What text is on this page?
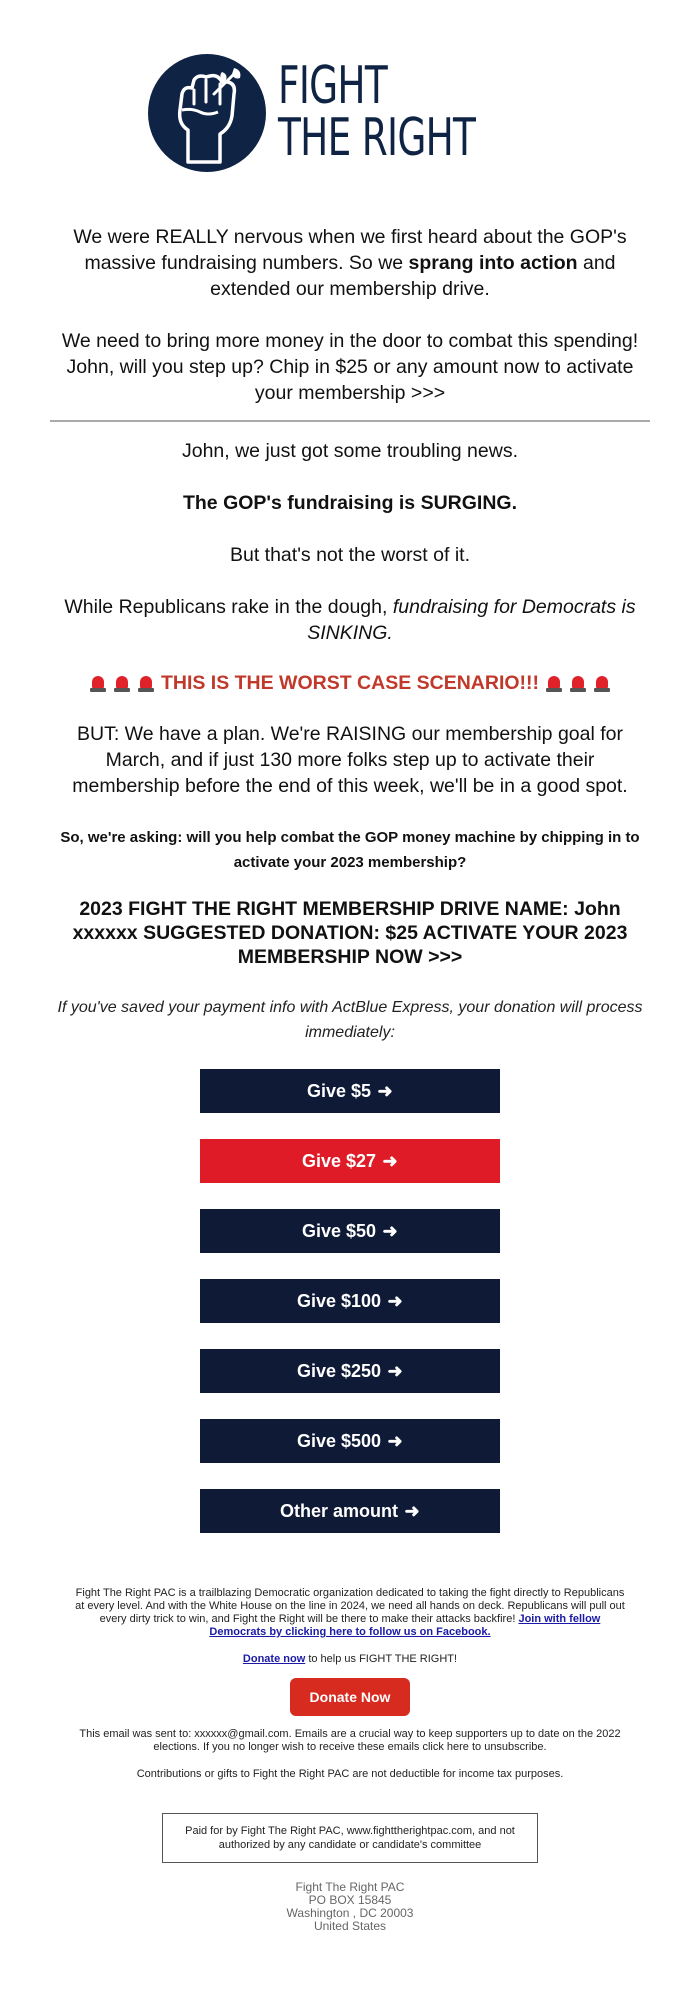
FIGHT
THE RIGHT

We were REALLY nervous when we first heard about the GOP's massive fundraising numbers. So we sprang into action and extended our membership drive.

We need to bring more money in the door to combat this spending! John, will you step up? Chip in $25 or any amount now to activate your membership >>>

John, we just got some troubling news.

The GOP's fundraising is SURGING.

But that's not the worst of it.

While Republicans rake in the dough, fundraising for Democrats is SINKING.

THIS IS THE WORST CASE SCENARIO!!!

BUT: We have a plan. We're RAISING our membership goal for March, and if just 130 more folks step up to activate their membership before the end of this week, we'll be in a good spot.

So, we're asking: will you help combat the GOP money machine by chipping in to activate your 2023 membership?

2023 FIGHT THE RIGHT MEMBERSHIP DRIVE NAME: John xxxxxx SUGGESTED DONATION: $25 ACTIVATE YOUR 2023 MEMBERSHIP NOW >>>

If you've saved your payment info with ActBlue Express, your donation will process immediately:

Give $5 ➜
Give $27 ➜
Give $50 ➜
Give $100 ➜
Give $250 ➜
Give $500 ➜
Other amount ➜
Fight The Right PAC is a trailblazing Democratic organization dedicated to taking the fight directly to Republicans at every level. And with the White House on the line in 2024, we need all hands on deck. Republicans will pull out every dirty trick to win, and Fight the Right will be there to make their attacks backfire! Join with fellow Democrats by clicking here to follow us on Facebook.
Donate now to help us FIGHT THE RIGHT!
Donate Now
This email was sent to: xxxxxx@gmail.com. Emails are a crucial way to keep supporters up to date on the 2022 elections. If you no longer wish to receive these emails click here to unsubscribe.
Contributions or gifts to Fight the Right PAC are not deductible for income tax purposes.
Paid for by Fight The Right PAC, www.fighttherightpac.com, and not authorized by any candidate or candidate's committee
Fight The Right PAC
PO BOX 15845
Washington , DC 20003
United States
